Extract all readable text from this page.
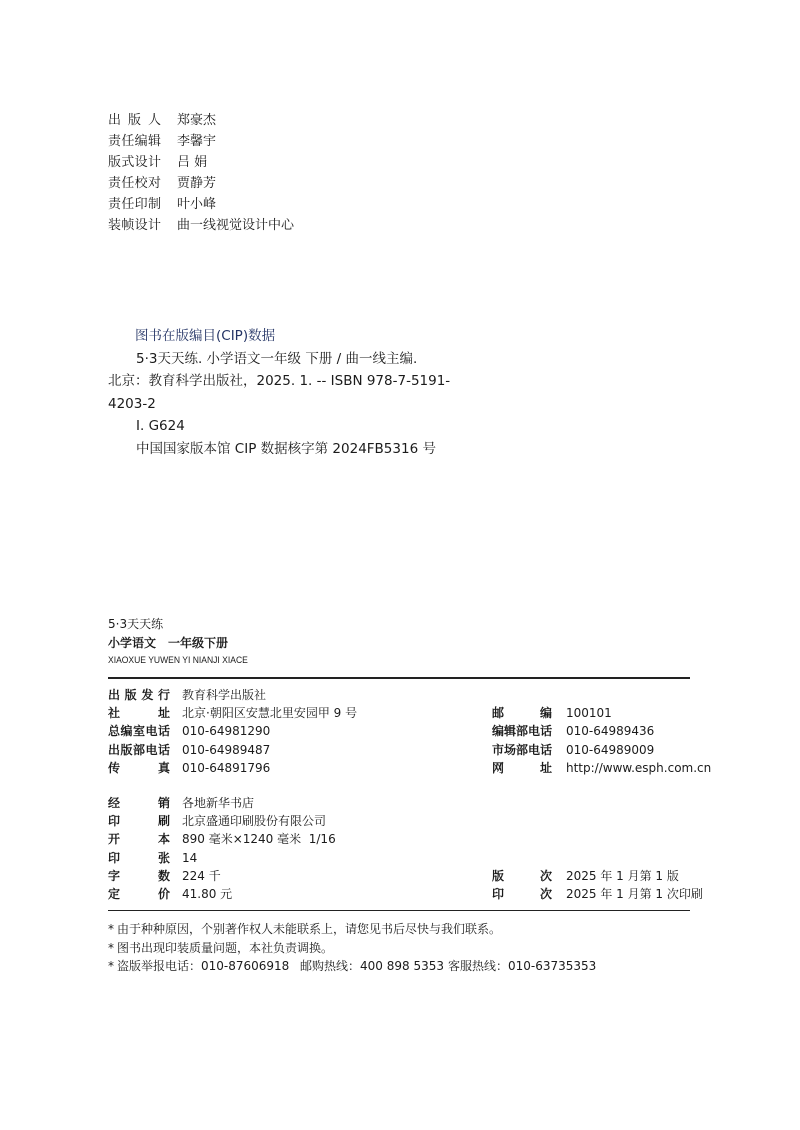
出 版 人 郑豪杰
责 任 编 辑 李馨宇
版 式 设 计 吕 娟
责 任 校 对 贾静芳
责 任 印 制 叶小峰
装 帧 设 计 曲一线视觉设计中心
图书在版编目(CIP)数据
5·3天天练. 小学语文一年级 下册 / 曲一线主编.
北京：教育科学出版社，2025. 1. -- ISBN 978-7-5191-
4203-2
Ⅰ. G624
中国国家版本馆 CIP 数据核字第 2024FB5316 号
5·3天天练
小学语文 一年级下册
XIAOXUE YUWEN YI NIANJI XIACE
出 版 发 行 教育科学出版社
社	址 北京·朝阳区安慧北里安园甲 9 号	邮	编 100101
总 编 室 电 话 010-64981290	编 辑 部 电 话 010-64989436
出 版 部 电 话 010-64989487	市 场 部 电 话 010-64989009
传	真 010-64891796	网	址 http://www.esph.com.cn
经	销 各地新华书店
印	刷 北京盛通印刷股份有限公司
开	本 890 毫米×1240 毫米  1/16
印	张 14
字	数 224 千	版	次 2025 年 1 月第 1 版
定	价 41.80 元	印	次 2025 年 1 月第 1 次印刷
* 由于种种原因，个别著作权人未能联系上，请您见书后尽快与我们联系。
* 图书出现印装质量问题，本社负责调换。
* 盗版举报电话：010-87606918 邮购热线：400 898 5353 客服热线：010-63735353
